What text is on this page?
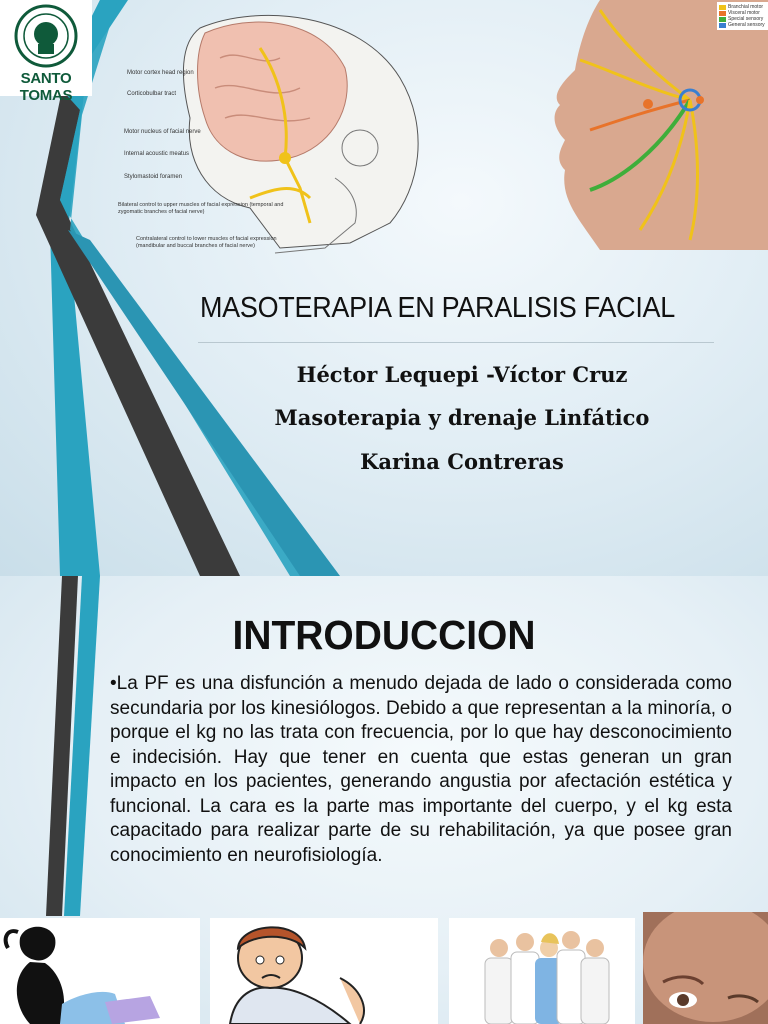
SANTO TOMAS
Motor cortex head region
Corticobulbar tract
Motor nucleus of facial nerve
Internal acoustic meatus
Stylomastoid foramen
Bilateral control to upper muscles of facial expression (temporal and zygomatic branches of facial nerve)
Contralateral control to lower muscles of facial expression (mandibular and buccal branches of facial nerve)
Branchial motor
Visceral motor
Special sensory
General sensory
MASOTERAPIA EN PARALISIS FACIAL
Héctor Lequepi -Víctor Cruz
Masoterapia y drenaje Linfático
Karina Contreras
INTRODUCCION
•La PF es una disfunción a menudo dejada de lado o considerada como secundaria por los kinesiólogos. Debido a que representan a la minoría, o porque el kg no las trata con frecuencia, por lo que hay desconocimiento e indecisión. Hay que tener en cuenta que estas generan un gran impacto en los pacientes, generando angustia por afectación estética y funcional. La cara es la parte mas importante del cuerpo, y el kg esta capacitado para realizar parte de su rehabilitación, ya que posee gran conocimiento en neurofisiología.
